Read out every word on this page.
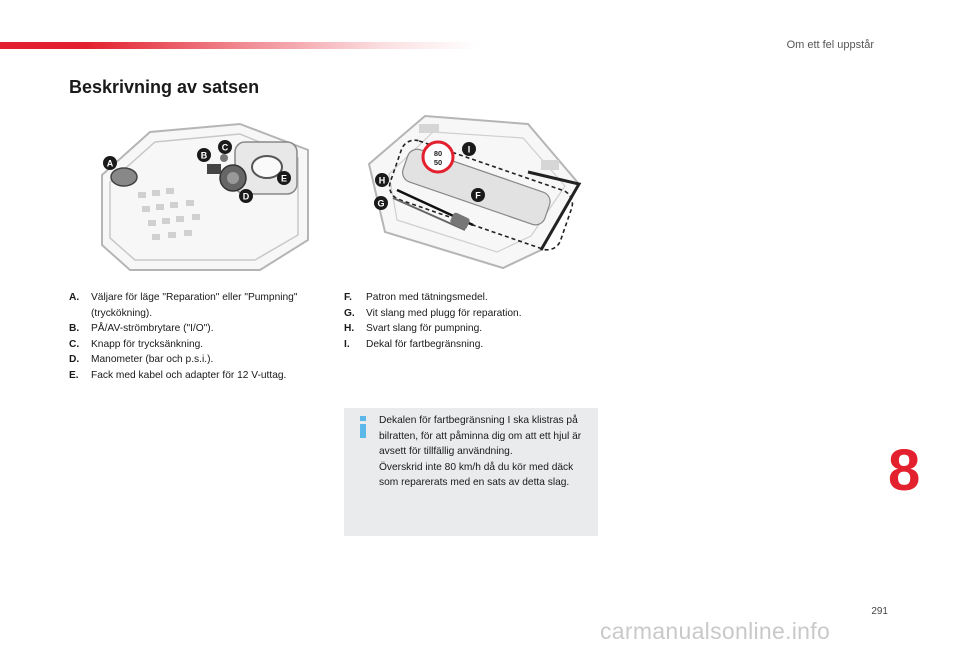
Om ett fel uppstår
Beskrivning av satsen
A
B
C
D
E
80
50
I
H
F
G
A.	Väljare för läge "Reparation" eller "Pumpning" (tryckökning).
B.	PÅ/AV-strömbrytare ("I/O").
C.	Knapp för trycksänkning.
D.	Manometer (bar och p.s.i.).
E.	Fack med kabel och adapter för 12 V-uttag.
F.	Patron med tätningsmedel.
G.	Vit slang med plugg för reparation.
H.	Svart slang för pumpning.
I.	Dekal för fartbegränsning.
Dekalen för fartbegränsning I ska klistras på bilratten, för att påminna dig om att ett hjul är avsett för tillfällig användning.
Överskrid inte 80 km/h då du kör med däck som reparerats med en sats av detta slag.	8
291
carmanualsonline.info
